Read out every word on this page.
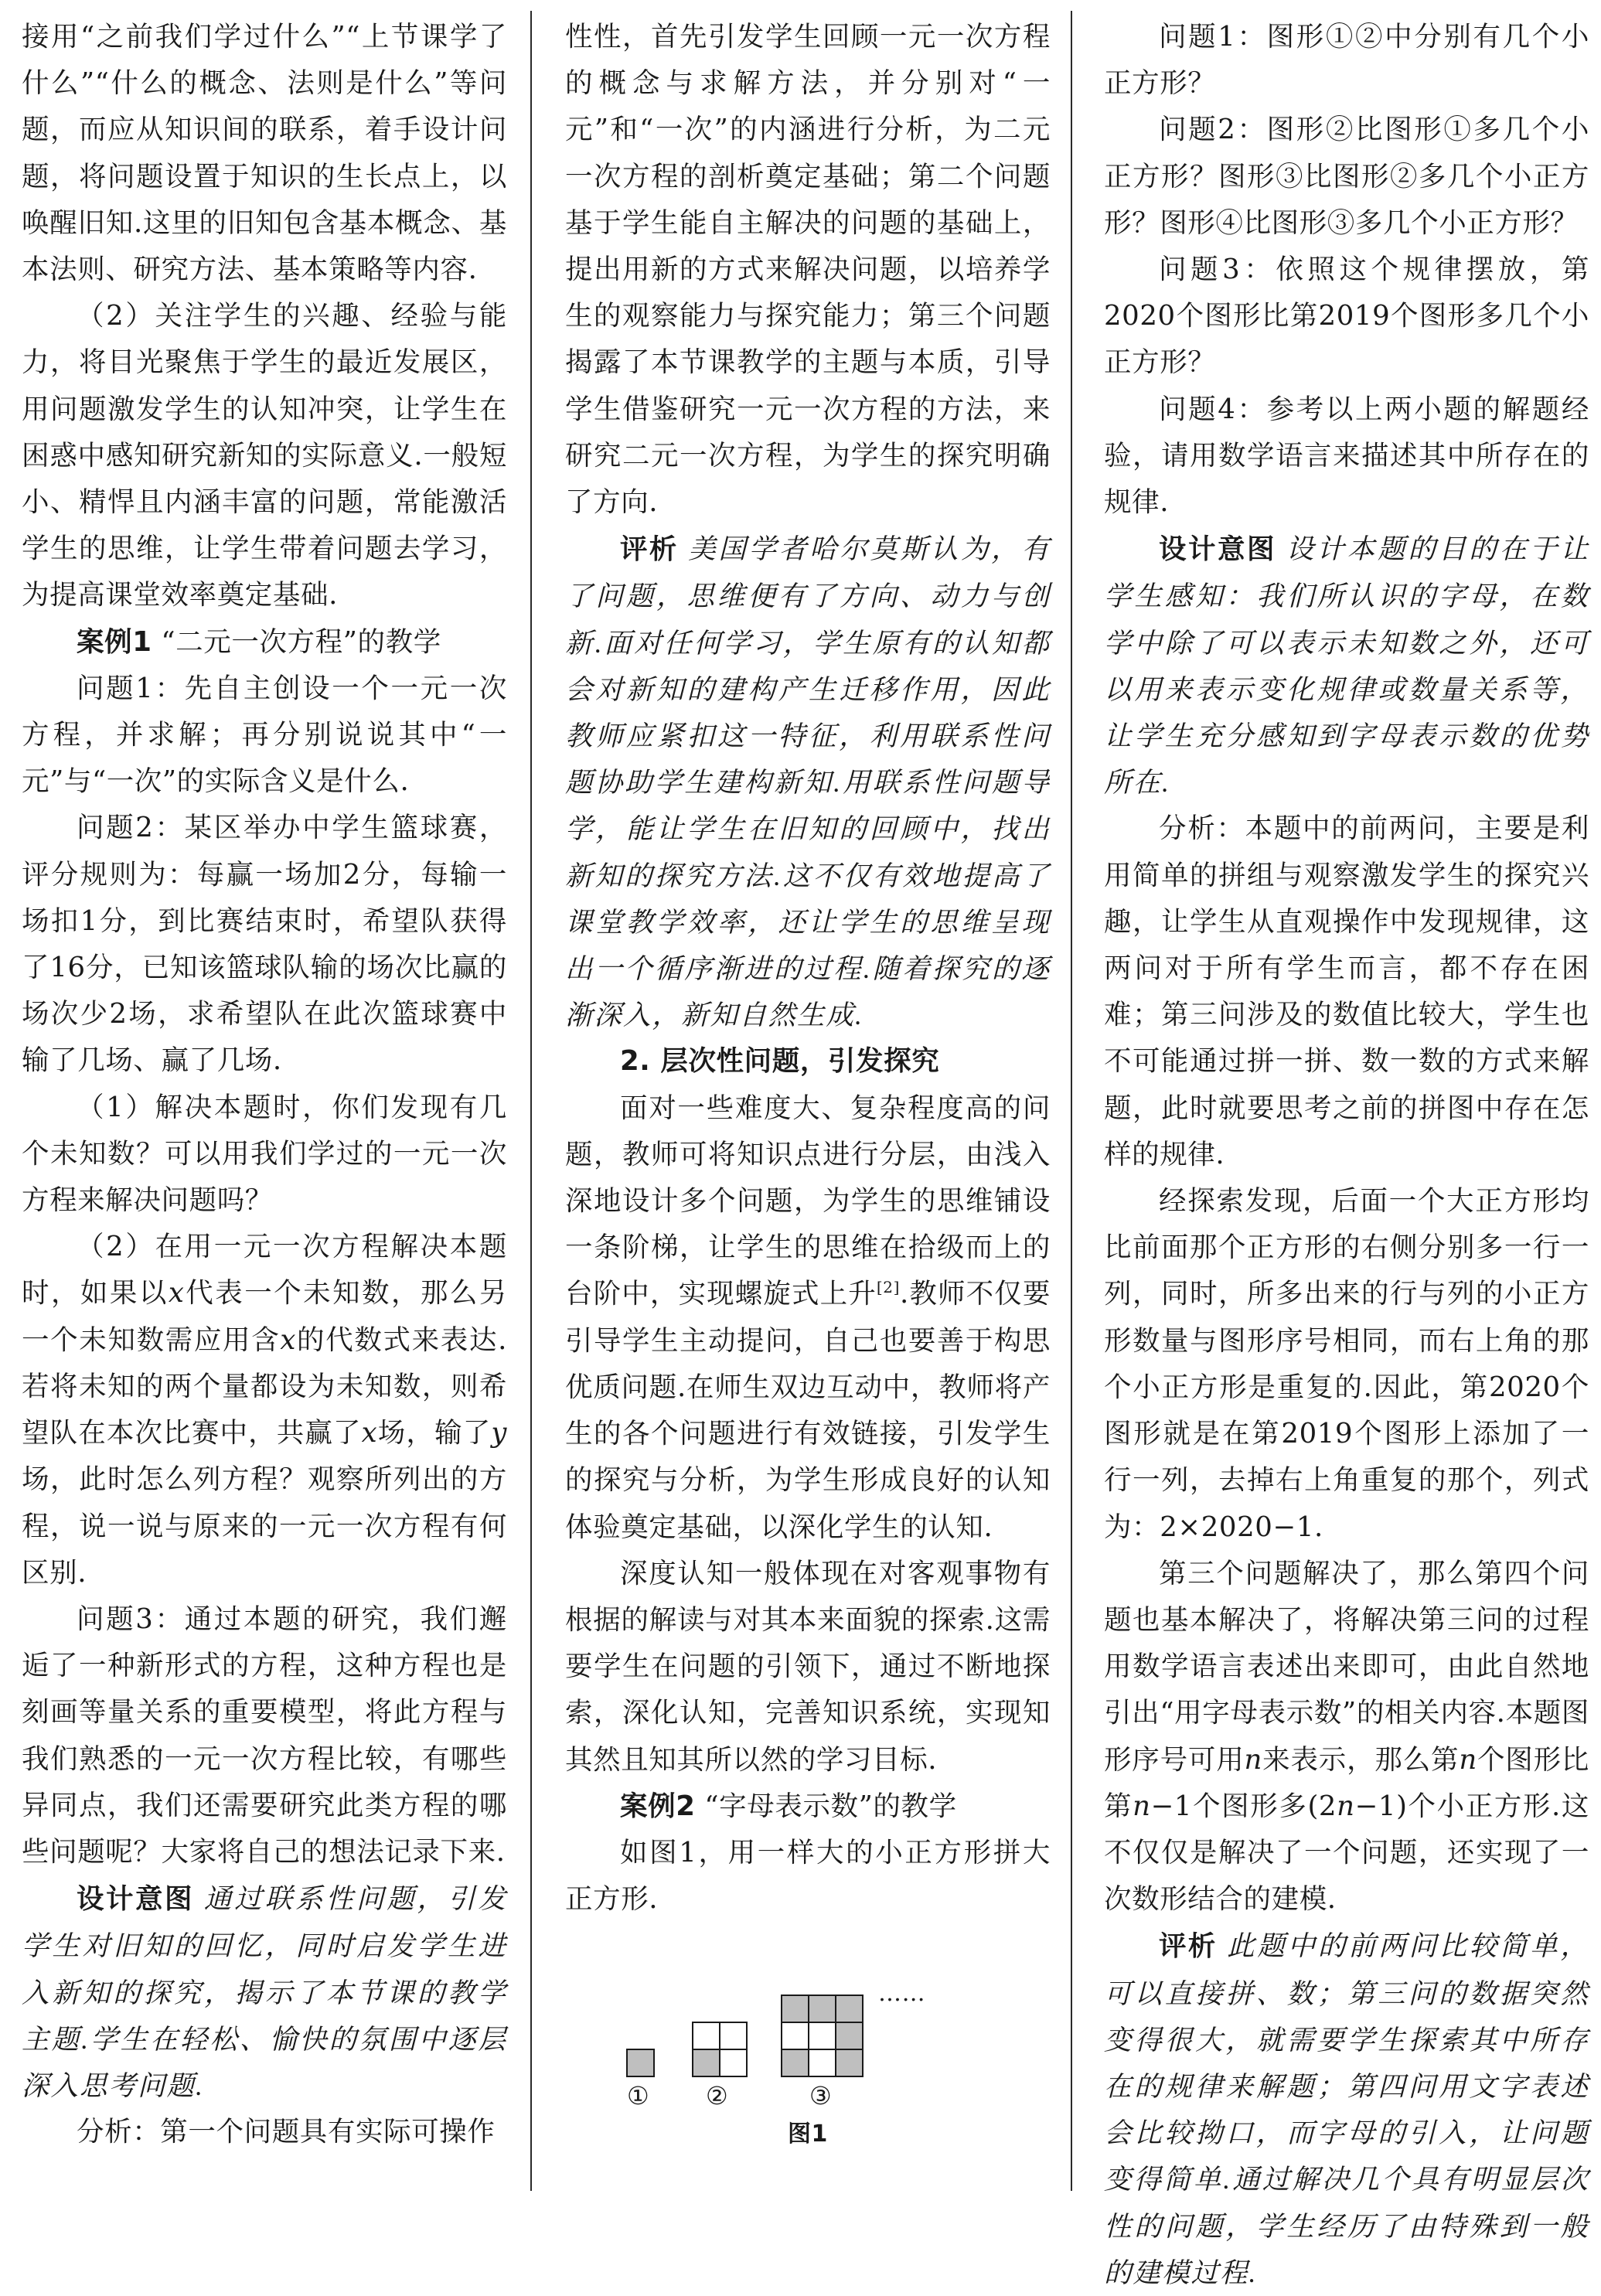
接用“之前我们学过什么”“上节课学了什么”“什么的概念、法则是什么”等问题，而应从知识间的联系，着手设计问题，将问题设置于知识的生长点上，以唤醒旧知.这里的旧知包含基本概念、基本法则、研究方法、基本策略等内容.

（2）关注学生的兴趣、经验与能力，将目光聚焦于学生的最近发展区，用问题激发学生的认知冲突，让学生在困惑中感知研究新知的实际意义.一般短小、精悍且内涵丰富的问题，常能激活学生的思维，让学生带着问题去学习，为提高课堂效率奠定基础.

案例1 “二元一次方程”的教学

问题1：先自主创设一个一元一次方程，并求解；再分别说说其中“一元”与“一次”的实际含义是什么.

问题2：某区举办中学生篮球赛，评分规则为：每赢一场加2分，每输一场扣1分，到比赛结束时，希望队获得了16分，已知该篮球队输的场次比赢的场次少2场，求希望队在此次篮球赛中输了几场、赢了几场.

（1）解决本题时，你们发现有几个未知数？可以用我们学过的一元一次方程来解决问题吗？

（2）在用一元一次方程解决本题时，如果以x代表一个未知数，那么另一个未知数需应用含x的代数式来表达.若将未知的两个量都设为未知数，则希望队在本次比赛中，共赢了x场，输了y场，此时怎么列方程？观察所列出的方程，说一说与原来的一元一次方程有何区别.

问题3：通过本题的研究，我们邂逅了一种新形式的方程，这种方程也是刻画等量关系的重要模型，将此方程与我们熟悉的一元一次方程比较，有哪些异同点，我们还需要研究此类方程的哪些问题呢？大家将自己的想法记录下来.

设计意图 通过联系性问题，引发学生对旧知的回忆，同时启发学生进入新知的探究，揭示了本节课的教学主题.学生在轻松、愉快的氛围中逐层深入思考问题.

分析：第一个问题具有实际可操作

性性，首先引发学生回顾一元一次方程的概念与求解方法，并分别对“一元”和“一次”的内涵进行分析，为二元一次方程的剖析奠定基础；第二个问题基于学生能自主解决的问题的基础上，提出用新的方式来解决问题，以培养学生的观察能力与探究能力；第三个问题揭露了本节课教学的主题与本质，引导学生借鉴研究一元一次方程的方法，来研究二元一次方程，为学生的探究明确了方向.

评析 美国学者哈尔莫斯认为，有了问题，思维便有了方向、动力与创新.面对任何学习，学生原有的认知都会对新知的建构产生迁移作用，因此教师应紧扣这一特征，利用联系性问题协助学生建构新知.用联系性问题导学，能让学生在旧知的回顾中，找出新知的探究方法.这不仅有效地提高了课堂教学效率，还让学生的思维呈现出一个循序渐进的过程.随着探究的逐渐深入，新知自然生成.

2. 层次性问题，引发探究

面对一些难度大、复杂程度高的问题，教师可将知识点进行分层，由浅入深地设计多个问题，为学生的思维铺设一条阶梯，让学生的思维在拾级而上的台阶中，实现螺旋式上升[2].教师不仅要引导学生主动提问，自己也要善于构思优质问题.在师生双边互动中，教师将产生的各个问题进行有效链接，引发学生的探究与分析，为学生形成良好的认知体验奠定基础，以深化学生的认知.

深度认知一般体现在对客观事物有根据的解读与对其本来面貌的探索.这需要学生在问题的引领下，通过不断地探索，深化认知，完善知识系统，实现知其然且知其所以然的学习目标.

案例2 “字母表示数”的教学

如图1，用一样大的小正方形拼大正方形.

① ②	③
……
图1

问题1：图形①②中分别有几个小正方形？

问题2：图形②比图形①多几个小正方形？图形③比图形②多几个小正方形？图形④比图形③多几个小正方形？

问题3：依照这个规律摆放，第2020个图形比第2019个图形多几个小正方形？

问题4：参考以上两小题的解题经验，请用数学语言来描述其中所存在的规律.

设计意图 设计本题的目的在于让学生感知：我们所认识的字母，在数学中除了可以表示未知数之外，还可以用来表示变化规律或数量关系等，让学生充分感知到字母表示数的优势所在.

分析：本题中的前两问，主要是利用简单的拼组与观察激发学生的探究兴趣，让学生从直观操作中发现规律，这两问对于所有学生而言，都不存在困难；第三问涉及的数值比较大，学生也不可能通过拼一拼、数一数的方式来解题，此时就要思考之前的拼图中存在怎样的规律.

经探索发现，后面一个大正方形均比前面那个正方形的右侧分别多一行一列，同时，所多出来的行与列的小正方形数量与图形序号相同，而右上角的那个小正方形是重复的.因此，第2020个图形就是在第2019个图形上添加了一行一列，去掉右上角重复的那个，列式为：2×2020−1.

第三个问题解决了，那么第四个问题也基本解决了，将解决第三问的过程用数学语言表述出来即可，由此自然地引出“用字母表示数”的相关内容.本题图形序号可用n来表示，那么第n个图形比第n−1个图形多(2n−1)个小正方形.这不仅仅是解决了一个问题，还实现了一次数形结合的建模.

评析 此题中的前两问比较简单，可以直接拼、数；第三问的数据突然变得很大，就需要学生探索其中所存在的规律来解题；第四问用文字表述会比较拗口，而字母的引入，让问题变得简单.通过解决几个具有明显层次性的问题，学生经历了由特殊到一般的建模过程.
